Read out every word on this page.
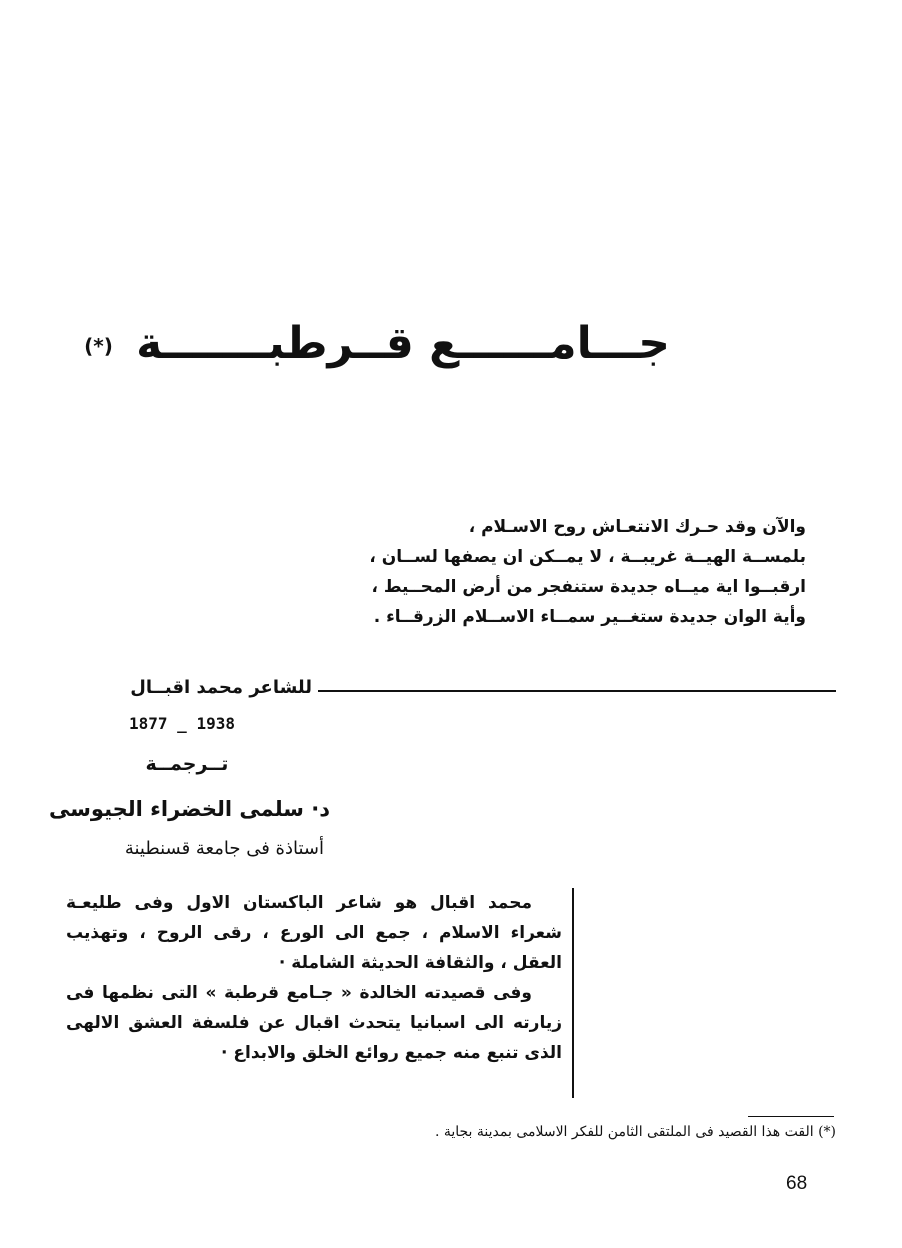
جـــامــــــع قــرطبـــــــة (*)
والآن وقد حـرك الانتعـاش روح الاسـلام ،
بلمســة الهيــة غريبــة ، لا يمــكن ان يصفها لســان ،
ارقبــوا اية ميــاه جديدة ستنفجر من أرض المحــيط ،
وأية الوان جديدة ستغــير سمــاء الاســلام الزرقــاء .
للشاعر محمد اقبــال
1877 _ 1938
تــرجمــة
د· سلمى الخضراء الجيوسى
أستاذة فى جامعة قسنطينة

محمد اقبال هو شاعر الباكستان الاول وفى طليعـة شعراء الاسلام ، جمع الى الورع ، رقى الروح ، وتهذيب العقل ، والثقافة الحديثة الشاملة ·

وفى قصيدته الخالدة « جـامع قرطبة » التى نظمها فى زيارته الى اسبانيا يتحدث اقبال عن فلسفة العشق الالهى الذى تنبع منه جميع روائع الخلق والابداع ·

(*) القت هذا القصيد فى الملتقى الثامن للفكر الاسلامى بمدينة بجاية .
68
